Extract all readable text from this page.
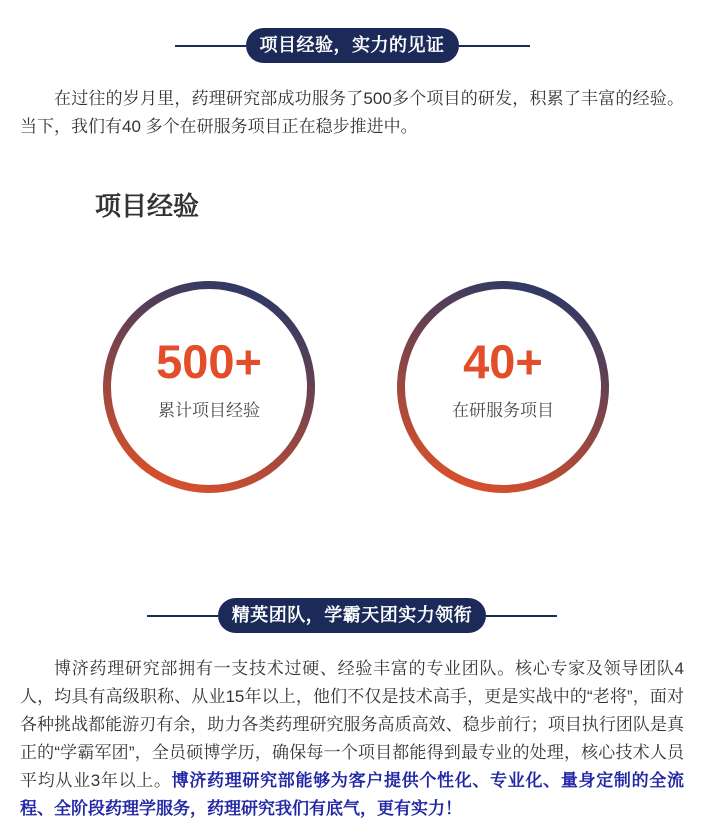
项目经验，实力的见证

在过往的岁月里，药理研究部成功服务了500多个项目的研发，积累了丰富的经验。当下，我们有40 多个在研服务项目正在稳步推进中。

项目经验
500+
累计项目经验
40+
在研服务项目
精英团队，学霸天团实力领衔

博济药理研究部拥有一支技术过硬、经验丰富的专业团队。核心专家及领导团队4人，均具有高级职称、从业15年以上，他们不仅是技术高手，更是实战中的“老将”，面对各种挑战都能游刃有余，助力各类药理研究服务高质高效、稳步前行；项目执行团队是真正的“学霸军团”，全员硕博学历，确保每一个项目都能得到最专业的处理，核心技术人员平均从业3年以上。博济药理研究部能够为客户提供个性化、专业化、量身定制的全流程、全阶段药理学服务，药理研究我们有底气，更有实力！
